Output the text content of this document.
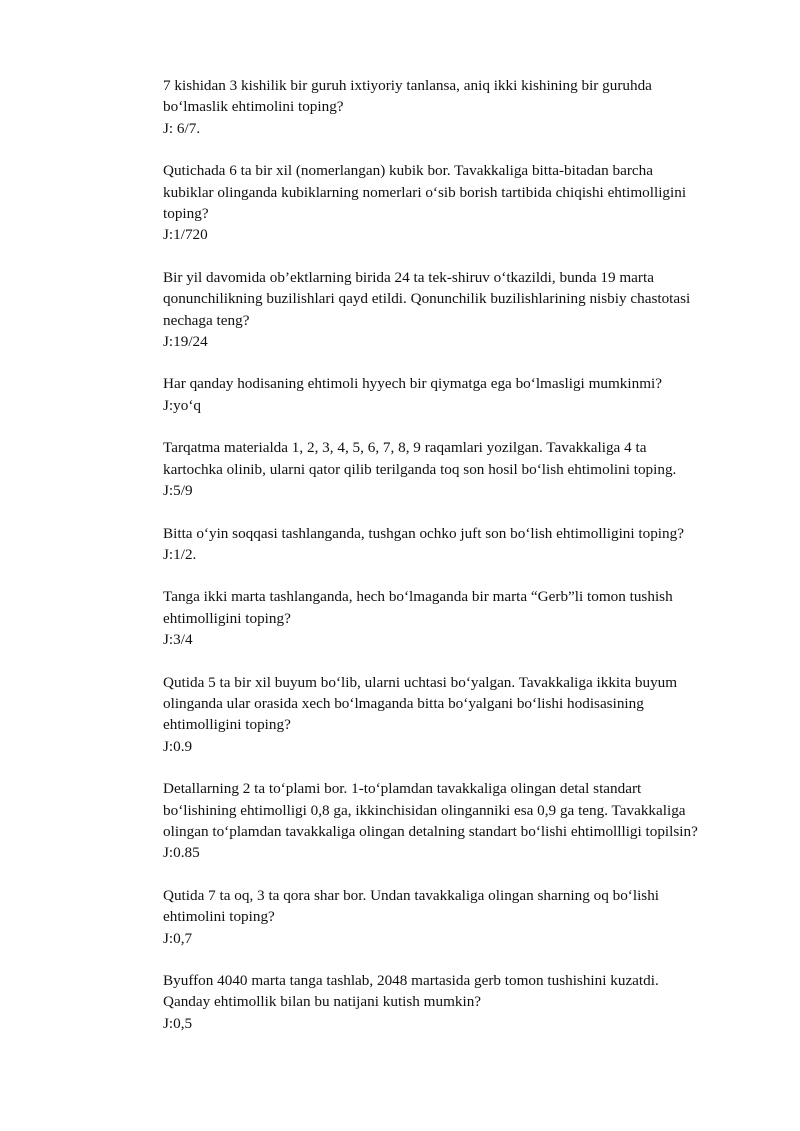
7 kishidan 3 kishilik bir guruh ixtiyoriy tanlansa, aniq ikki kishining bir guruhda
bo‘lmaslik ehtimolini toping?
J: 6/7.
Qutichada 6 ta bir xil (nomerlangan) kubik bor. Tavakkaliga bitta-bitadan barcha
kubiklar olinganda kubiklarning nomerlari o‘sib borish tartibida chiqishi ehtimolligini
toping?
J:1/720
Bir yil davomida ob’ektlarning birida 24 ta tek-shiruv o‘tkazildi, bunda 19 marta
qonunchilikning buzilishlari qayd etildi. Qonunchilik buzilishlarining nisbiy chastotasi
nechaga teng?
J:19/24
Har qanday hodisaning ehtimoli hyyech bir qiymatga ega bo‘lmasligi mumkinmi?
J:yo‘q
Tarqatma materialda 1, 2, 3, 4, 5, 6, 7, 8, 9 raqamlari yozilgan. Tavakkaliga 4 ta
kartochka olinib, ularni qator qilib terilganda toq son hosil bo‘lish ehtimolini toping.
J:5/9
Bitta o‘yin soqqasi tashlanganda, tushgan ochko juft son bo‘lish ehtimolligini toping?
J:1/2.
Tanga ikki marta tashlanganda, hech bo‘lmaganda bir marta “Gerb”li tomon tushish
ehtimolligini toping?
J:3/4
Qutida 5 ta bir xil buyum bo‘lib, ularni uchtasi bo‘yalgan. Tavakkaliga ikkita buyum
olinganda ular orasida xech bo‘lmaganda bitta bo‘yalgani bo‘lishi hodisasining
ehtimolligini toping?
J:0.9
Detallarning 2 ta to‘plami bor. 1-to‘plamdan tavakkaliga olingan detal standart
bo‘lishining ehtimolligi 0,8 ga, ikkinchisidan olinganniki esa 0,9 ga teng. Tavakkaliga
olingan to‘plamdan tavakkaliga olingan detalning standart bo‘lishi ehtimollligi topilsin?
J:0.85
Qutida 7 ta oq, 3 ta qora shar bor. Undan tavakkaliga olingan sharning oq bo‘lishi
ehtimolini toping?
J:0,7
Byuffon 4040 marta tanga tashlab, 2048 martasida gerb tomon tushishini kuzatdi.
Qanday ehtimollik bilan bu natijani kutish mumkin?
J:0,5
